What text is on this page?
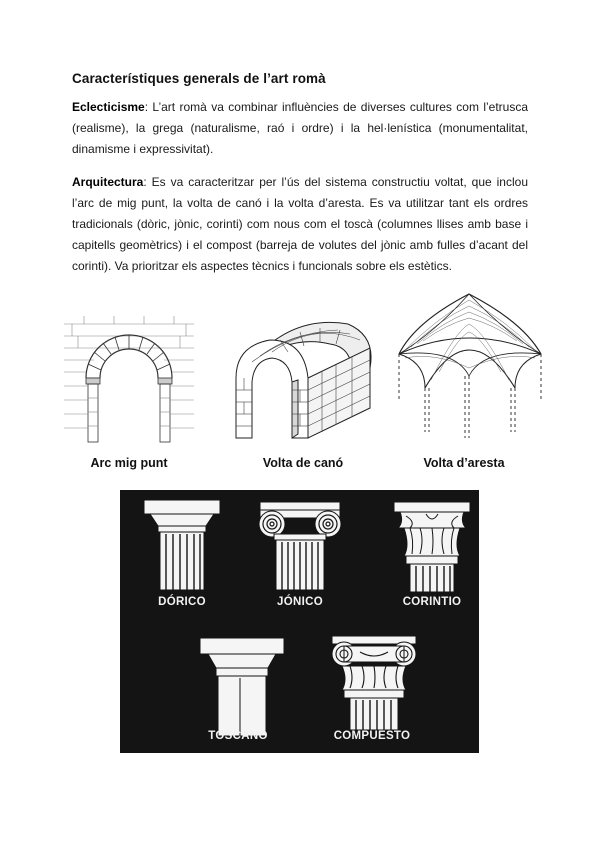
Característiques generals de l’art romà
Eclecticisme: L’art romà va combinar influències de diverses cultures com l’etrusca (realisme), la grega (naturalisme, raó i ordre) i la hel·lenística (monumentalitat, dinamisme i expressivitat).
Arquitectura: Es va caracteritzar per l’ús del sistema constructiu voltat, que inclou l’arc de mig punt, la volta de canó i la volta d’aresta. Es va utilitzar tant els ordres tradicionals (dòric, jònic, corinti) com nous com el toscà (columnes llises amb base i capitells geomètrics) i el compost (barreja de volutes del jònic amb fulles d’acant del corinti). Va prioritzar els aspectes tècnics i funcionals sobre els estètics.
Arc mig punt	Volta de canó	Volta d’aresta
DÓRICO	JÓNICO	CORINTIO
TOSCANO	COMPUESTO
